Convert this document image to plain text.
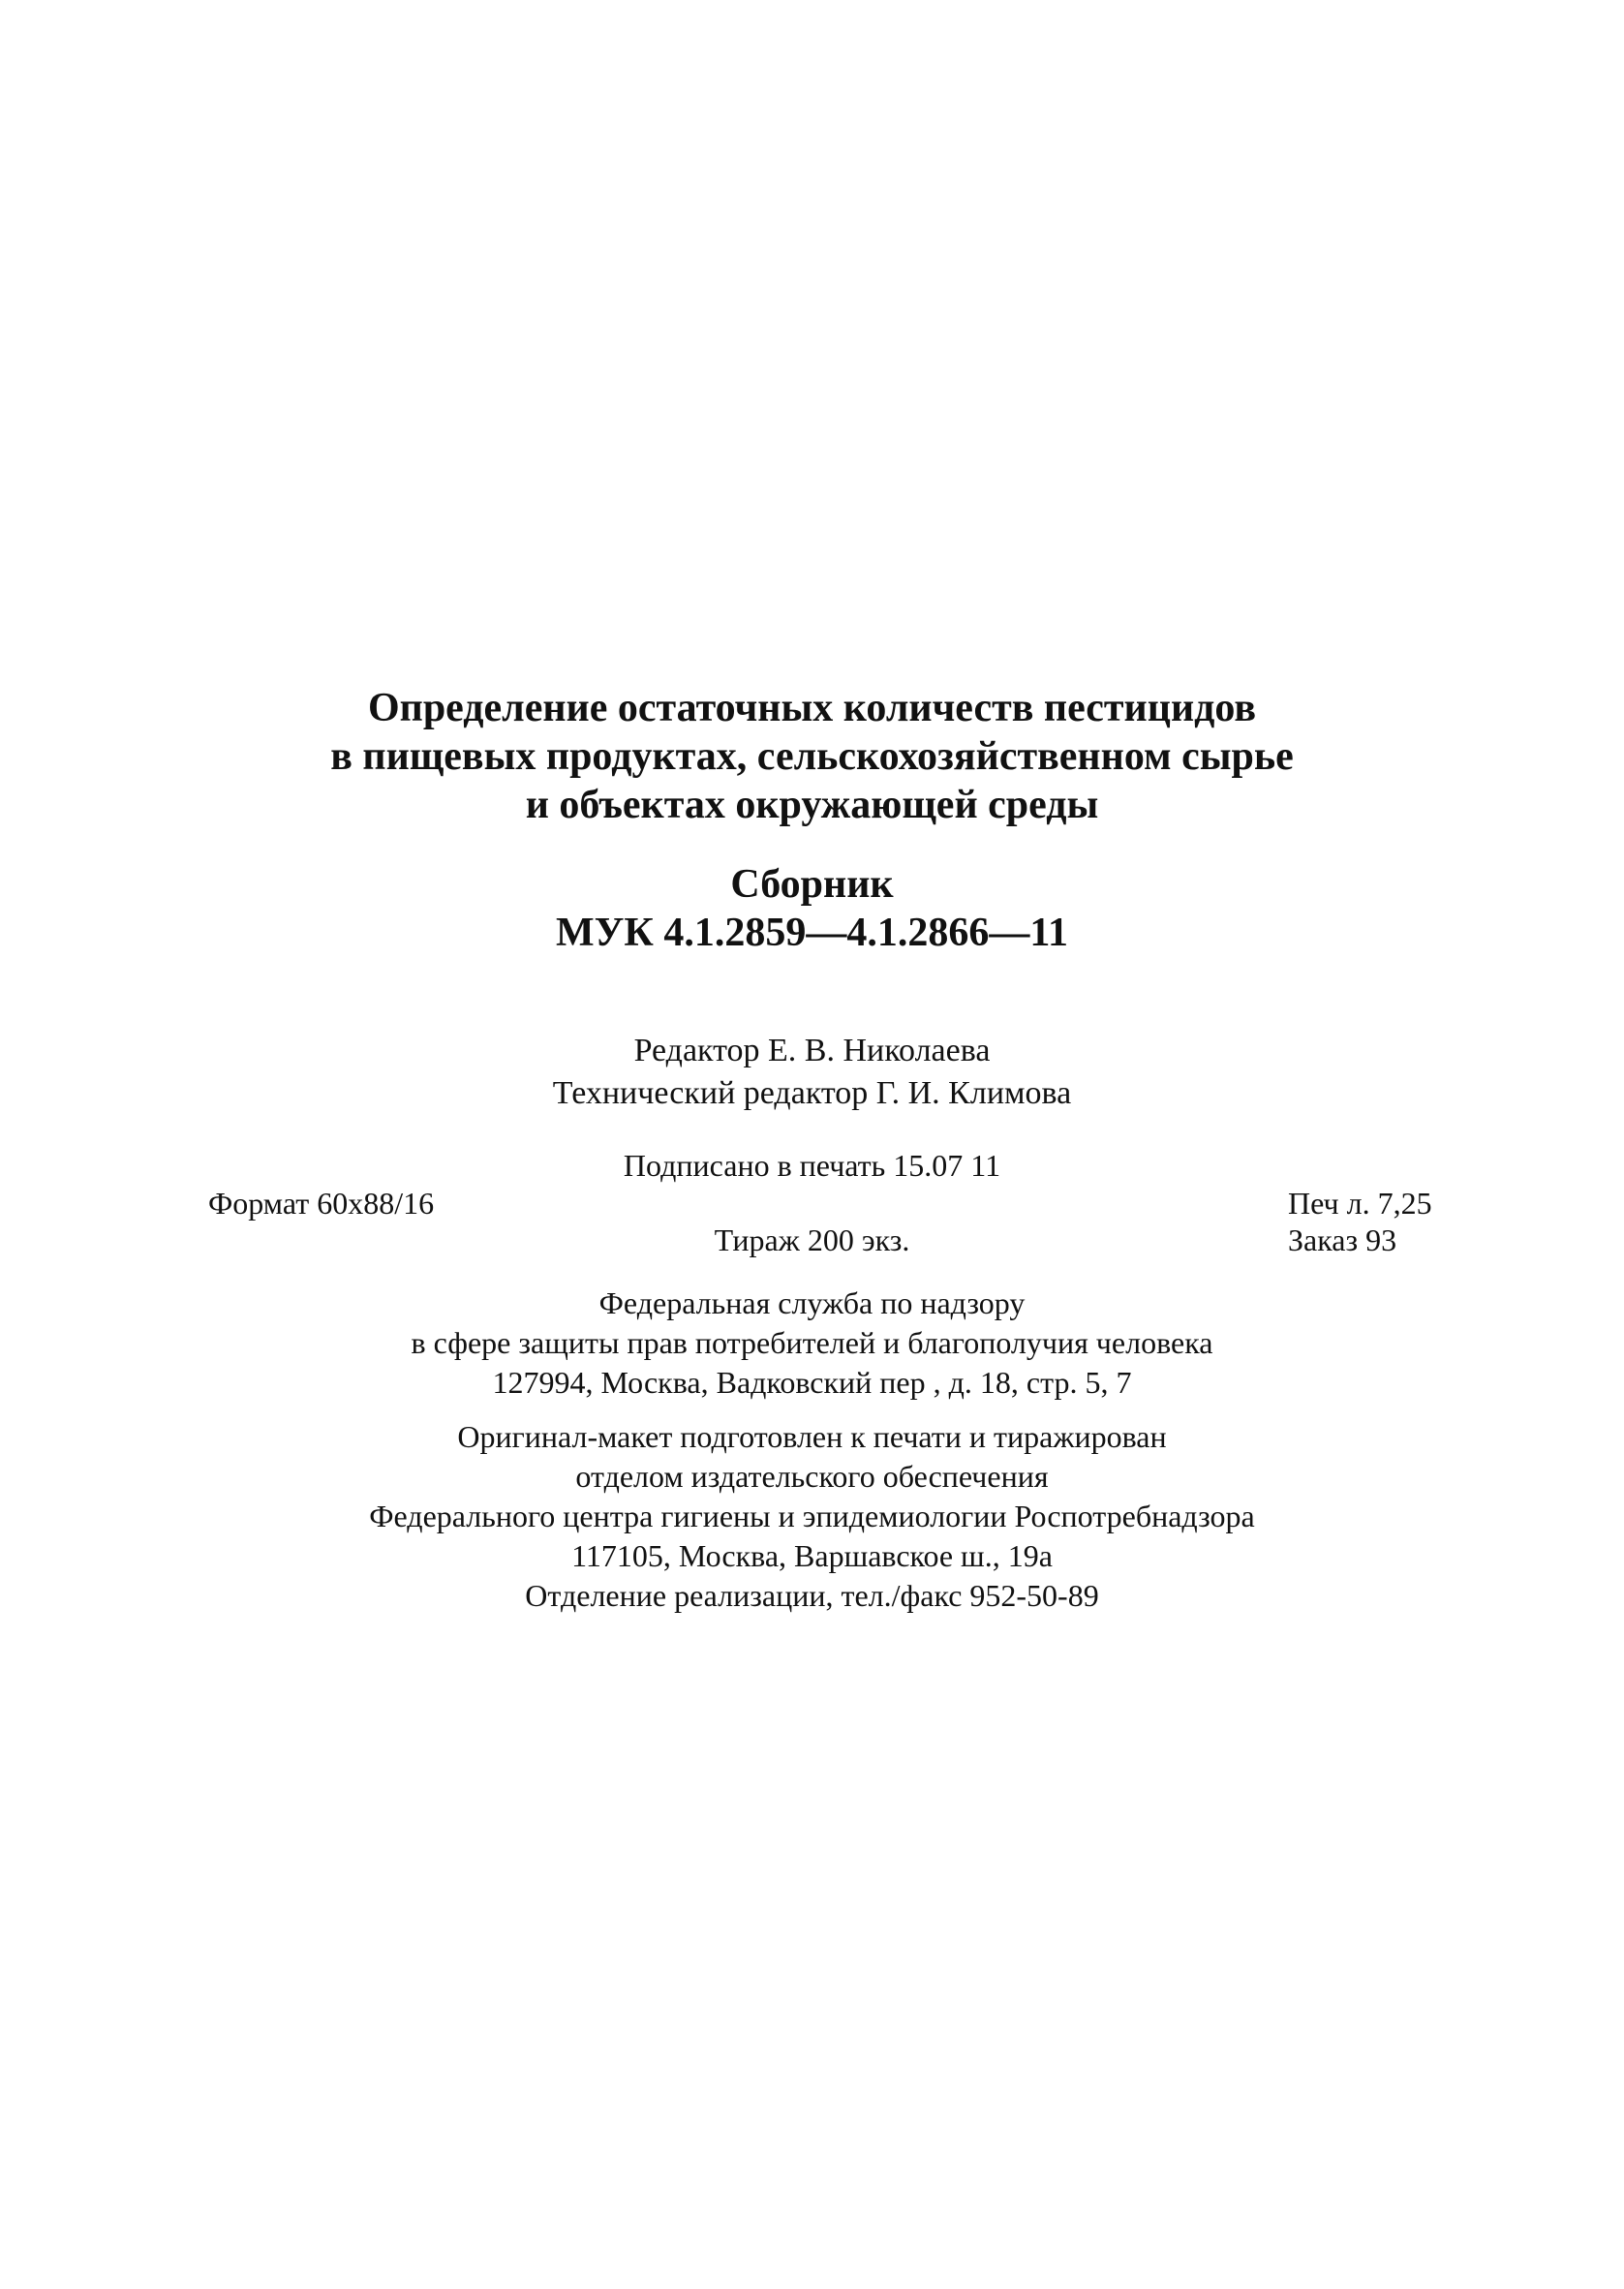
Определение остаточных количеств пестицидов
в пищевых продуктах, сельскохозяйственном сырье
и объектах окружающей среды
Сборник
МУК 4.1.2859—4.1.2866—11
Редактор Е. В. Николаева
Технический редактор Г. И. Климова
Подписано в печать 15.07 11
Формат 60x88/16	Печ л. 7,25
Тираж 200 экз.	Заказ 93
Федеральная служба по надзору
в сфере защиты прав потребителей и благополучия человека
127994, Москва, Вадковский пер , д. 18, стр. 5, 7
Оригинал-макет подготовлен к печати и тиражирован
отделом издательского обеспечения
Федерального центра гигиены и эпидемиологии Роспотребнадзора
117105, Москва, Варшавское ш., 19а
Отделение реализации, тел./факс 952-50-89
